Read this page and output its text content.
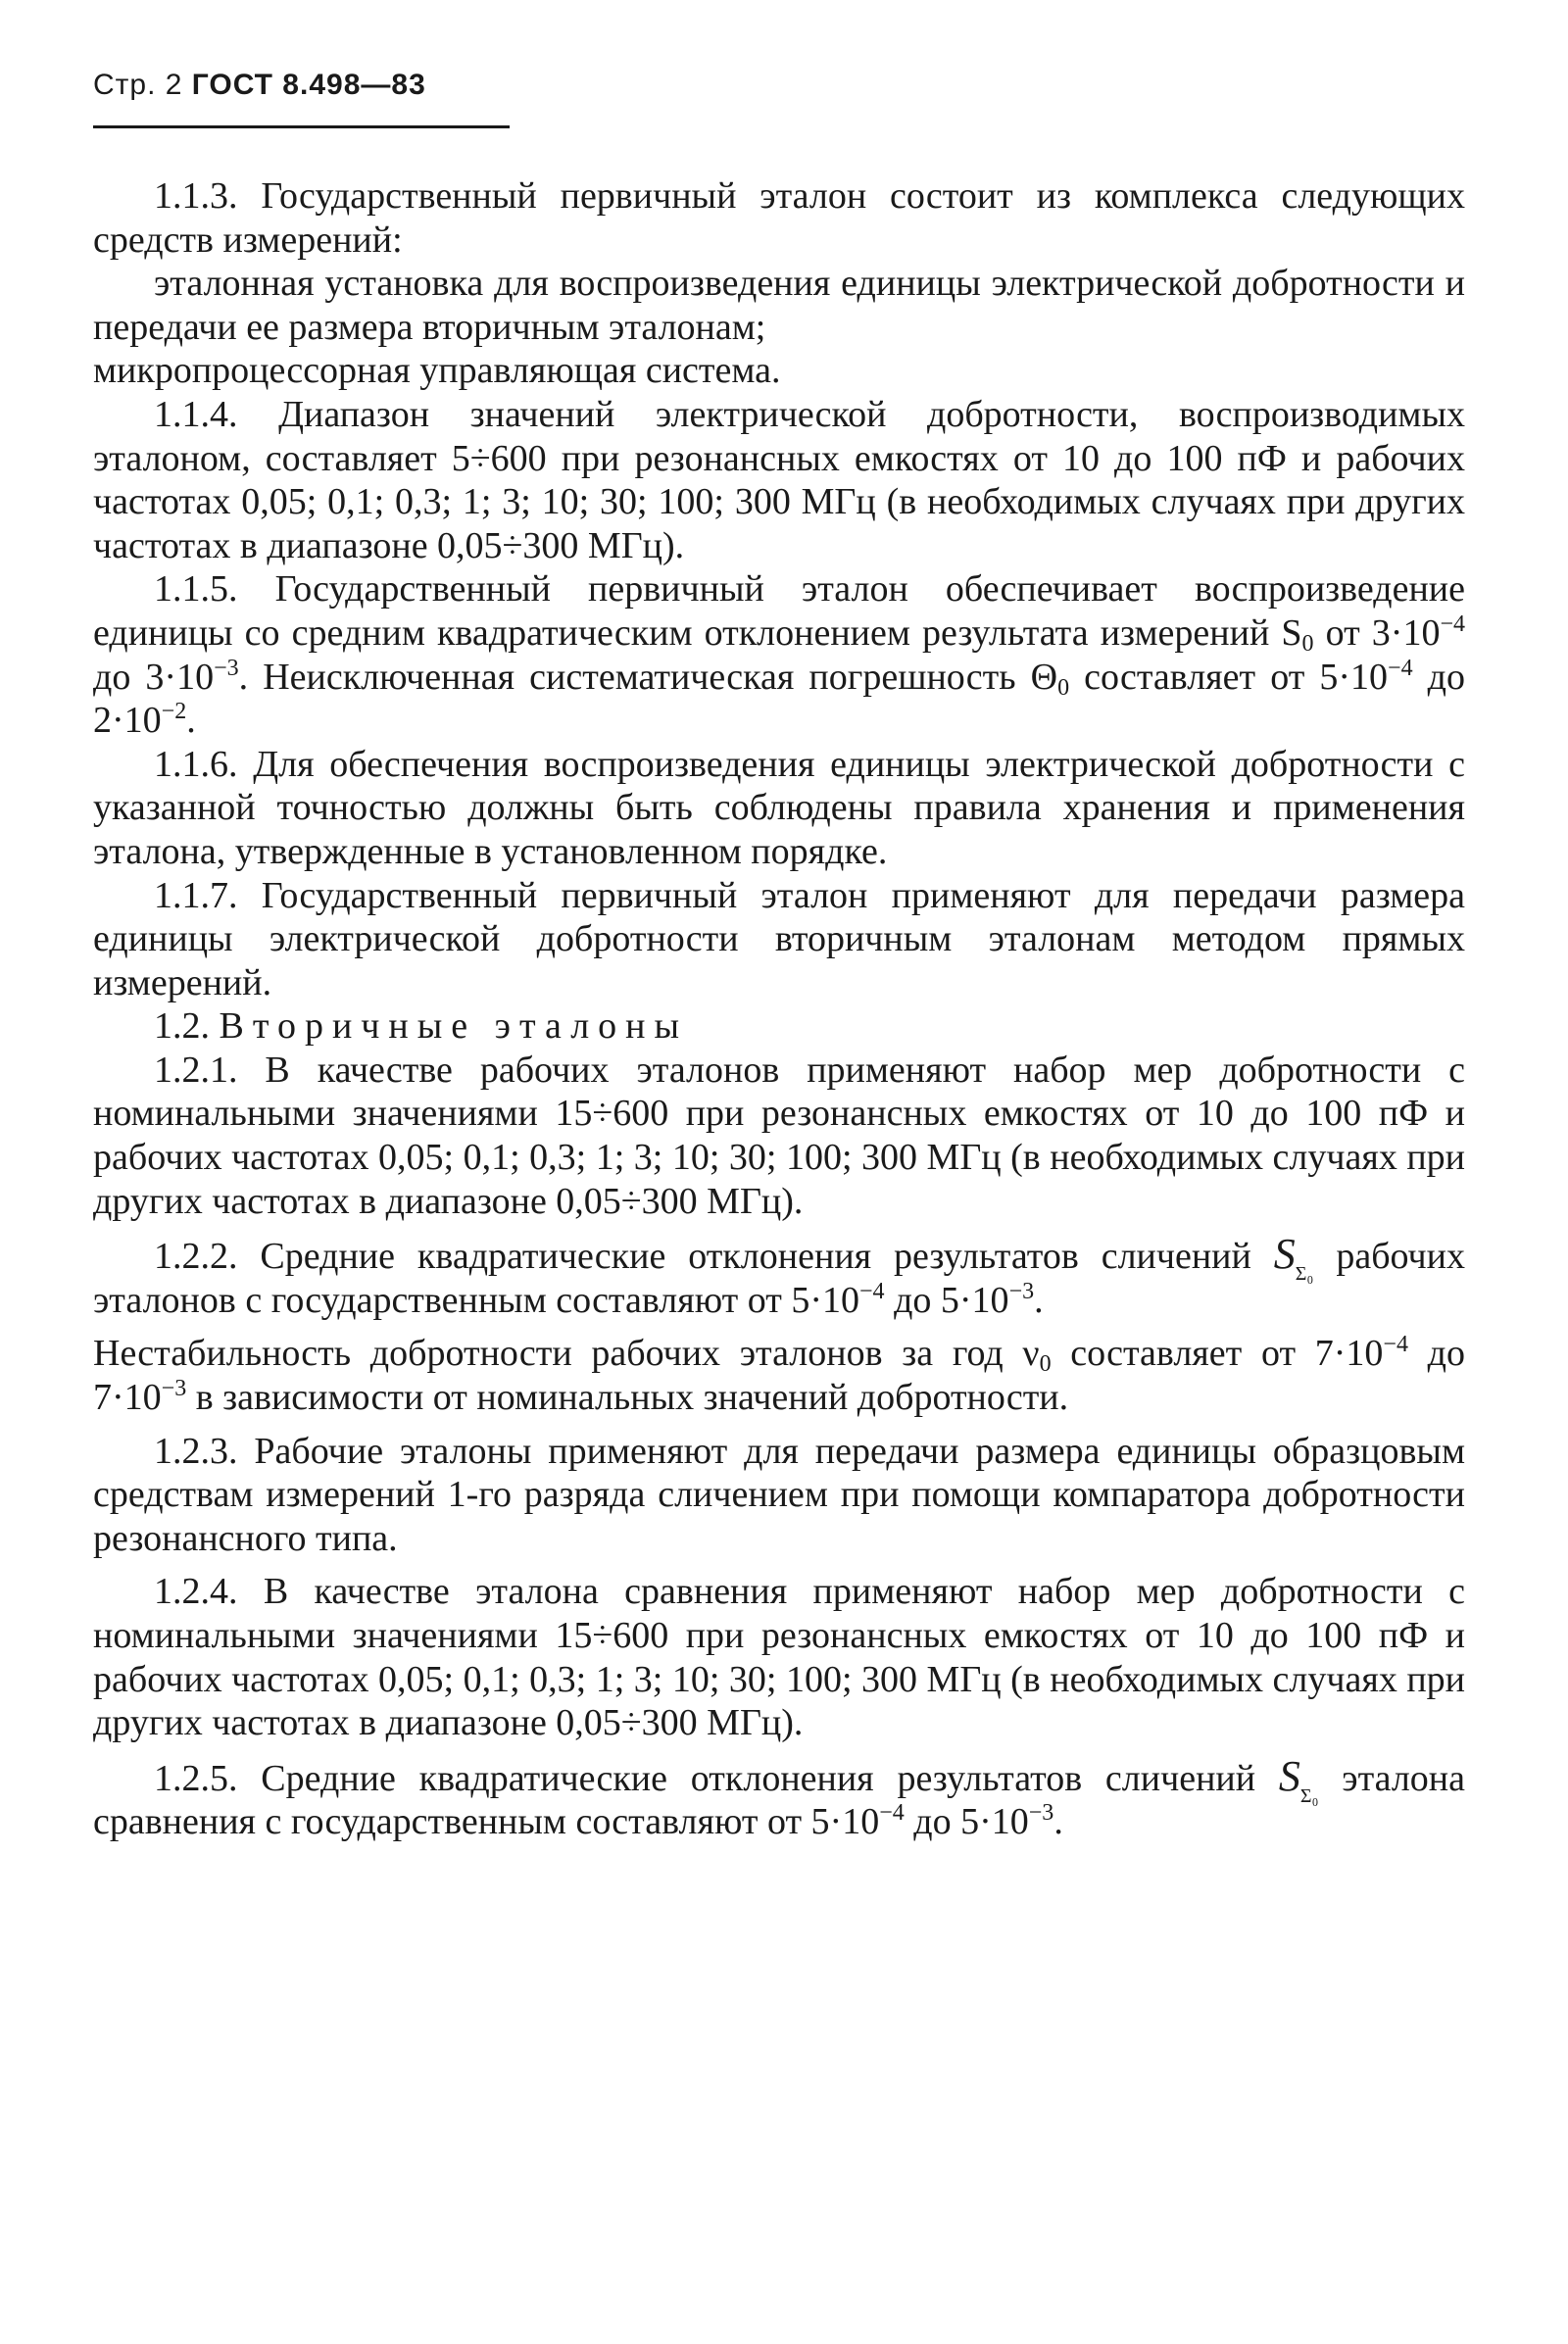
Стр. 2 ГОСТ 8.498—83

1.1.3. Государственный первичный эталон состоит из комплекса следующих средств измерений:

эталонная установка для воспроизведения единицы электрической добротности и передачи ее размера вторичным эталонам;

микропроцессорная управляющая система.

1.1.4. Диапазон значений электрической добротности, воспроизводимых эталоном, составляет 5÷600 при резонансных емкостях от 10 до 100 пФ и рабочих частотах 0,05; 0,1; 0,3; 1; 3; 10; 30; 100; 300 МГц (в необходимых случаях при других частотах в диапазоне 0,05÷300 МГц).

1.1.5. Государственный первичный эталон обеспечивает воспроизведение единицы со средним квадратическим отклонением результата измерений $S_0$ от $3\cdot 10^{-4}$ до $3\cdot 10^{-3}$. Неисключенная систематическая погрешность $\Theta_0$ составляет от $5\cdot 10^{-4}$ до $2\cdot 10^{-2}$.

1.1.6. Для обеспечения воспроизведения единицы электрической добротности с указанной точностью должны быть соблюдены правила хранения и применения эталона, утвержденные в установленном порядке.

1.1.7. Государственный первичный эталон применяют для передачи размера единицы электрической добротности вторичным эталонам методом прямых измерений.

1.2. Вторичные эталоны

1.2.1. В качестве рабочих эталонов применяют набор мер добротности с номинальными значениями 15÷600 при резонансных емкостях от 10 до 100 пФ и рабочих частотах 0,05; 0,1; 0,3; 1; 3; 10; 30; 100; 300 МГц (в необходимых случаях при других частотах в диапазоне 0,05÷300 МГц).

1.2.2. Средние квадратические отклонения результатов сличений $S_{\Sigma_0}$ рабочих эталонов с государственным составляют от $5\cdot 10^{-4}$ до $5\cdot 10^{-3}$.

Нестабильность добротности рабочих эталонов за год $\nu_0$ составляет от $7\cdot 10^{-4}$ до $7\cdot 10^{-3}$ в зависимости от номинальных значений добротности.

1.2.3. Рабочие эталоны применяют для передачи размера единицы образцовым средствам измерений 1-го разряда сличением при помощи компаратора добротности резонансного типа.

1.2.4. В качестве эталона сравнения применяют набор мер добротности с номинальными значениями 15÷600 при резонансных емкостях от 10 до 100 пФ и рабочих частотах 0,05; 0,1; 0,3; 1; 3; 10; 30; 100; 300 МГц (в необходимых случаях при других частотах в диапазоне 0,05÷300 МГц).

1.2.5. Средние квадратические отклонения результатов сличений $S_{\Sigma_0}$ эталона сравнения с государственным составляют от $5\cdot 10^{-4}$ до $5\cdot 10^{-3}$.
